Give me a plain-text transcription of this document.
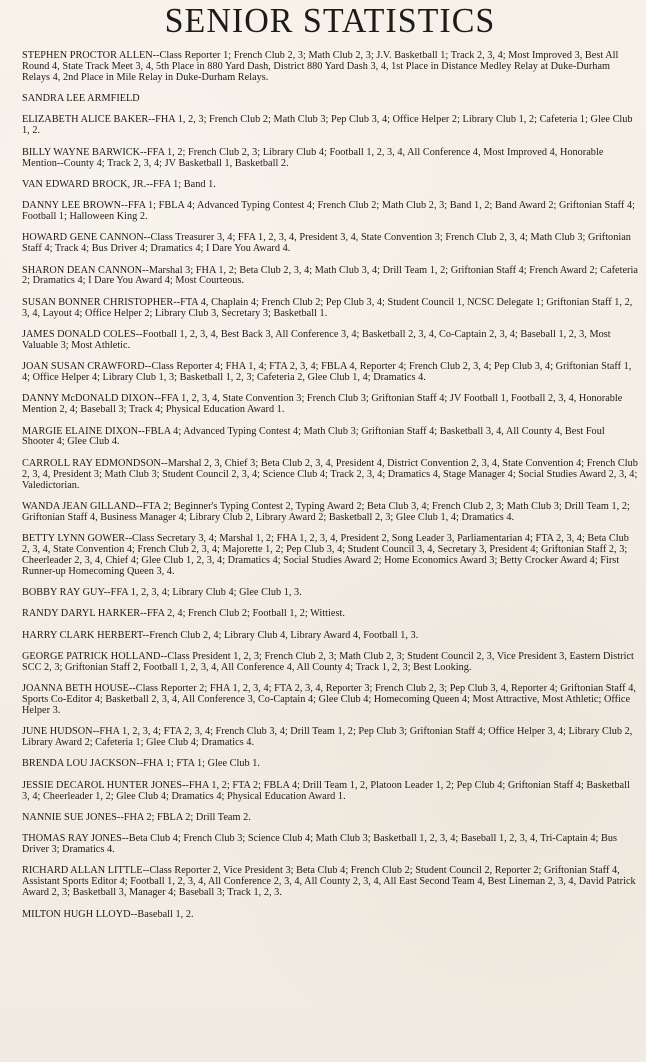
SENIOR STATISTICS

STEPHEN PROCTOR ALLEN--Class Reporter 1; French Club 2, 3; Math Club 2, 3; J.V. Basketball 1; Track 2, 3, 4; Most Improved 3, Best All Round 4, State Track Meet 3, 4, 5th Place in 880 Yard Dash, District 880 Yard Dash 3, 4, 1st Place in Distance Medley Relay at Duke-Durham Relays 4, 2nd Place in Mile Relay in Duke-Durham Relays.

SANDRA LEE ARMFIELD

ELIZABETH ALICE BAKER--FHA 1, 2, 3; French Club 2; Math Club 3; Pep Club 3, 4; Office Helper 2; Library Club 1, 2; Cafeteria 1; Glee Club 1, 2.

BILLY WAYNE BARWICK--FFA 1, 2; French Club 2, 3; Library Club 4; Football 1, 2, 3, 4, All Conference 4, Most Improved 4, Honorable Mention--County 4; Track 2, 3, 4; JV Basketball 1, Basketball 2.

VAN EDWARD BROCK, JR.--FFA 1; Band 1.

DANNY LEE BROWN--FFA 1; FBLA 4; Advanced Typing Contest 4; French Club 2; Math Club 2, 3; Band 1, 2; Band Award 2; Griftonian Staff 4; Football 1; Halloween King 2.

HOWARD GENE CANNON--Class Treasurer 3, 4; FFA 1, 2, 3, 4, President 3, 4, State Convention 3; French Club 2, 3, 4; Math Club 3; Griftonian Staff 4; Track 4; Bus Driver 4; Dramatics 4; I Dare You Award 4.

SHARON DEAN CANNON--Marshal 3; FHA 1, 2; Beta Club 2, 3, 4; Math Club 3, 4; Drill Team 1, 2; Griftonian Staff 4; French Award 2; Cafeteria 2; Dramatics 4; I Dare You Award 4; Most Courteous.

SUSAN BONNER CHRISTOPHER--FTA 4, Chaplain 4; French Club 2; Pep Club 3, 4; Student Council 1, NCSC Delegate 1; Griftonian Staff 1, 2, 3, 4, Layout 4; Office Helper 2; Library Club 3, Secretary 3; Basketball 1.

JAMES DONALD COLES--Football 1, 2, 3, 4, Best Back 3, All Conference 3, 4; Basketball 2, 3, 4, Co-Captain 2, 3, 4; Baseball 1, 2, 3, Most Valuable 3; Most Athletic.

JOAN SUSAN CRAWFORD--Class Reporter 4; FHA 1, 4; FTA 2, 3, 4; FBLA 4, Reporter 4; French Club 2, 3, 4; Pep Club 3, 4; Griftonian Staff 1, 4; Office Helper 4; Library Club 1, 3; Basketball 1, 2, 3; Cafeteria 2, Glee Club 1, 4; Dramatics 4.

DANNY McDONALD DIXON--FFA 1, 2, 3, 4, State Convention 3; French Club 3; Griftonian Staff 4; JV Football 1, Football 2, 3, 4, Honorable Mention 2, 4; Baseball 3; Track 4; Physical Education Award 1.

MARGIE ELAINE DIXON--FBLA 4; Advanced Typing Contest 4; Math Club 3; Griftonian Staff 4; Basketball 3, 4, All County 4, Best Foul Shooter 4; Glee Club 4.

CARROLL RAY EDMONDSON--Marshal 2, 3, Chief 3; Beta Club 2, 3, 4, President 4, District Convention 2, 3, 4, State Convention 4; French Club 2, 3, 4, President 3; Math Club 3; Student Council 2, 3, 4; Science Club 4; Track 2, 3, 4; Dramatics 4, Stage Manager 4; Social Studies Award 2, 3, 4; Valedictorian.

WANDA JEAN GILLAND--FTA 2; Beginner's Typing Contest 2, Typing Award 2; Beta Club 3, 4; French Club 2, 3; Math Club 3; Drill Team 1, 2; Griftonian Staff 4, Business Manager 4; Library Club 2, Library Award 2; Basketball 2, 3; Glee Club 1, 4; Dramatics 4.

BETTY LYNN GOWER--Class Secretary 3, 4; Marshal 1, 2; FHA 1, 2, 3, 4, President 2, Song Leader 3, Parliamentarian 4; FTA 2, 3, 4; Beta Club 2, 3, 4, State Convention 4; French Club 2, 3, 4; Majorette 1, 2; Pep Club 3, 4; Student Council 3, 4, Secretary 3, President 4; Griftonian Staff 2, 3; Cheerleader 2, 3, 4, Chief 4; Glee Club 1, 2, 3, 4; Dramatics 4; Social Studies Award 2; Home Economics Award 3; Betty Crocker Award 4; First Runner-up Homecoming Queen 3, 4.

BOBBY RAY GUY--FFA 1, 2, 3, 4; Library Club 4; Glee Club 1, 3.

RANDY DARYL HARKER--FFA 2, 4; French Club 2; Football 1, 2; Wittiest.

HARRY CLARK HERBERT--French Club 2, 4; Library Club 4, Library Award 4, Football 1, 3.

GEORGE PATRICK HOLLAND--Class President 1, 2, 3; French Club 2, 3; Math Club 2, 3; Student Council 2, 3, Vice President 3, Eastern District SCC 2, 3; Griftonian Staff 2, Football 1, 2, 3, 4, All Conference 4, All County 4; Track 1, 2, 3; Best Looking.

JOANNA BETH HOUSE--Class Reporter 2; FHA 1, 2, 3, 4; FTA 2, 3, 4, Reporter 3; French Club 2, 3; Pep Club 3, 4, Reporter 4; Griftonian Staff 4, Sports Co-Editor 4; Basketball 2, 3, 4, All Conference 3, Co-Captain 4; Glee Club 4; Homecoming Queen 4; Most Attractive, Most Athletic; Office Helper 3.

JUNE HUDSON--FHA 1, 2, 3, 4; FTA 2, 3, 4; French Club 3, 4; Drill Team 1, 2; Pep Club 3; Griftonian Staff 4; Office Helper 3, 4; Library Club 2, Library Award 2; Cafeteria 1; Glee Club 4; Dramatics 4.

BRENDA LOU JACKSON--FHA 1; FTA 1; Glee Club 1.

JESSIE DECAROL HUNTER JONES--FHA 1, 2; FTA 2; FBLA 4; Drill Team 1, 2, Platoon Leader 1, 2; Pep Club 4; Griftonian Staff 4; Basketball 3, 4; Cheerleader 1, 2; Glee Club 4; Dramatics 4; Physical Education Award 1.

NANNIE SUE JONES--FHA 2; FBLA 2; Drill Team 2.

THOMAS RAY JONES--Beta Club 4; French Club 3; Science Club 4; Math Club 3; Basketball 1, 2, 3, 4; Baseball 1, 2, 3, 4, Tri-Captain 4; Bus Driver 3; Dramatics 4.

RICHARD ALLAN LITTLE--Class Reporter 2, Vice President 3; Beta Club 4; French Club 2; Student Council 2, Reporter 2; Griftonian Staff 4, Assistant Sports Editor 4; Football 1, 2, 3, 4, All Conference 2, 3, 4, All County 2, 3, 4, All East Second Team 4, Best Lineman 2, 3, 4, David Patrick Award 2, 3; Basketball 3, Manager 4; Baseball 3; Track 1, 2, 3.

MILTON HUGH LLOYD--Baseball 1, 2.
